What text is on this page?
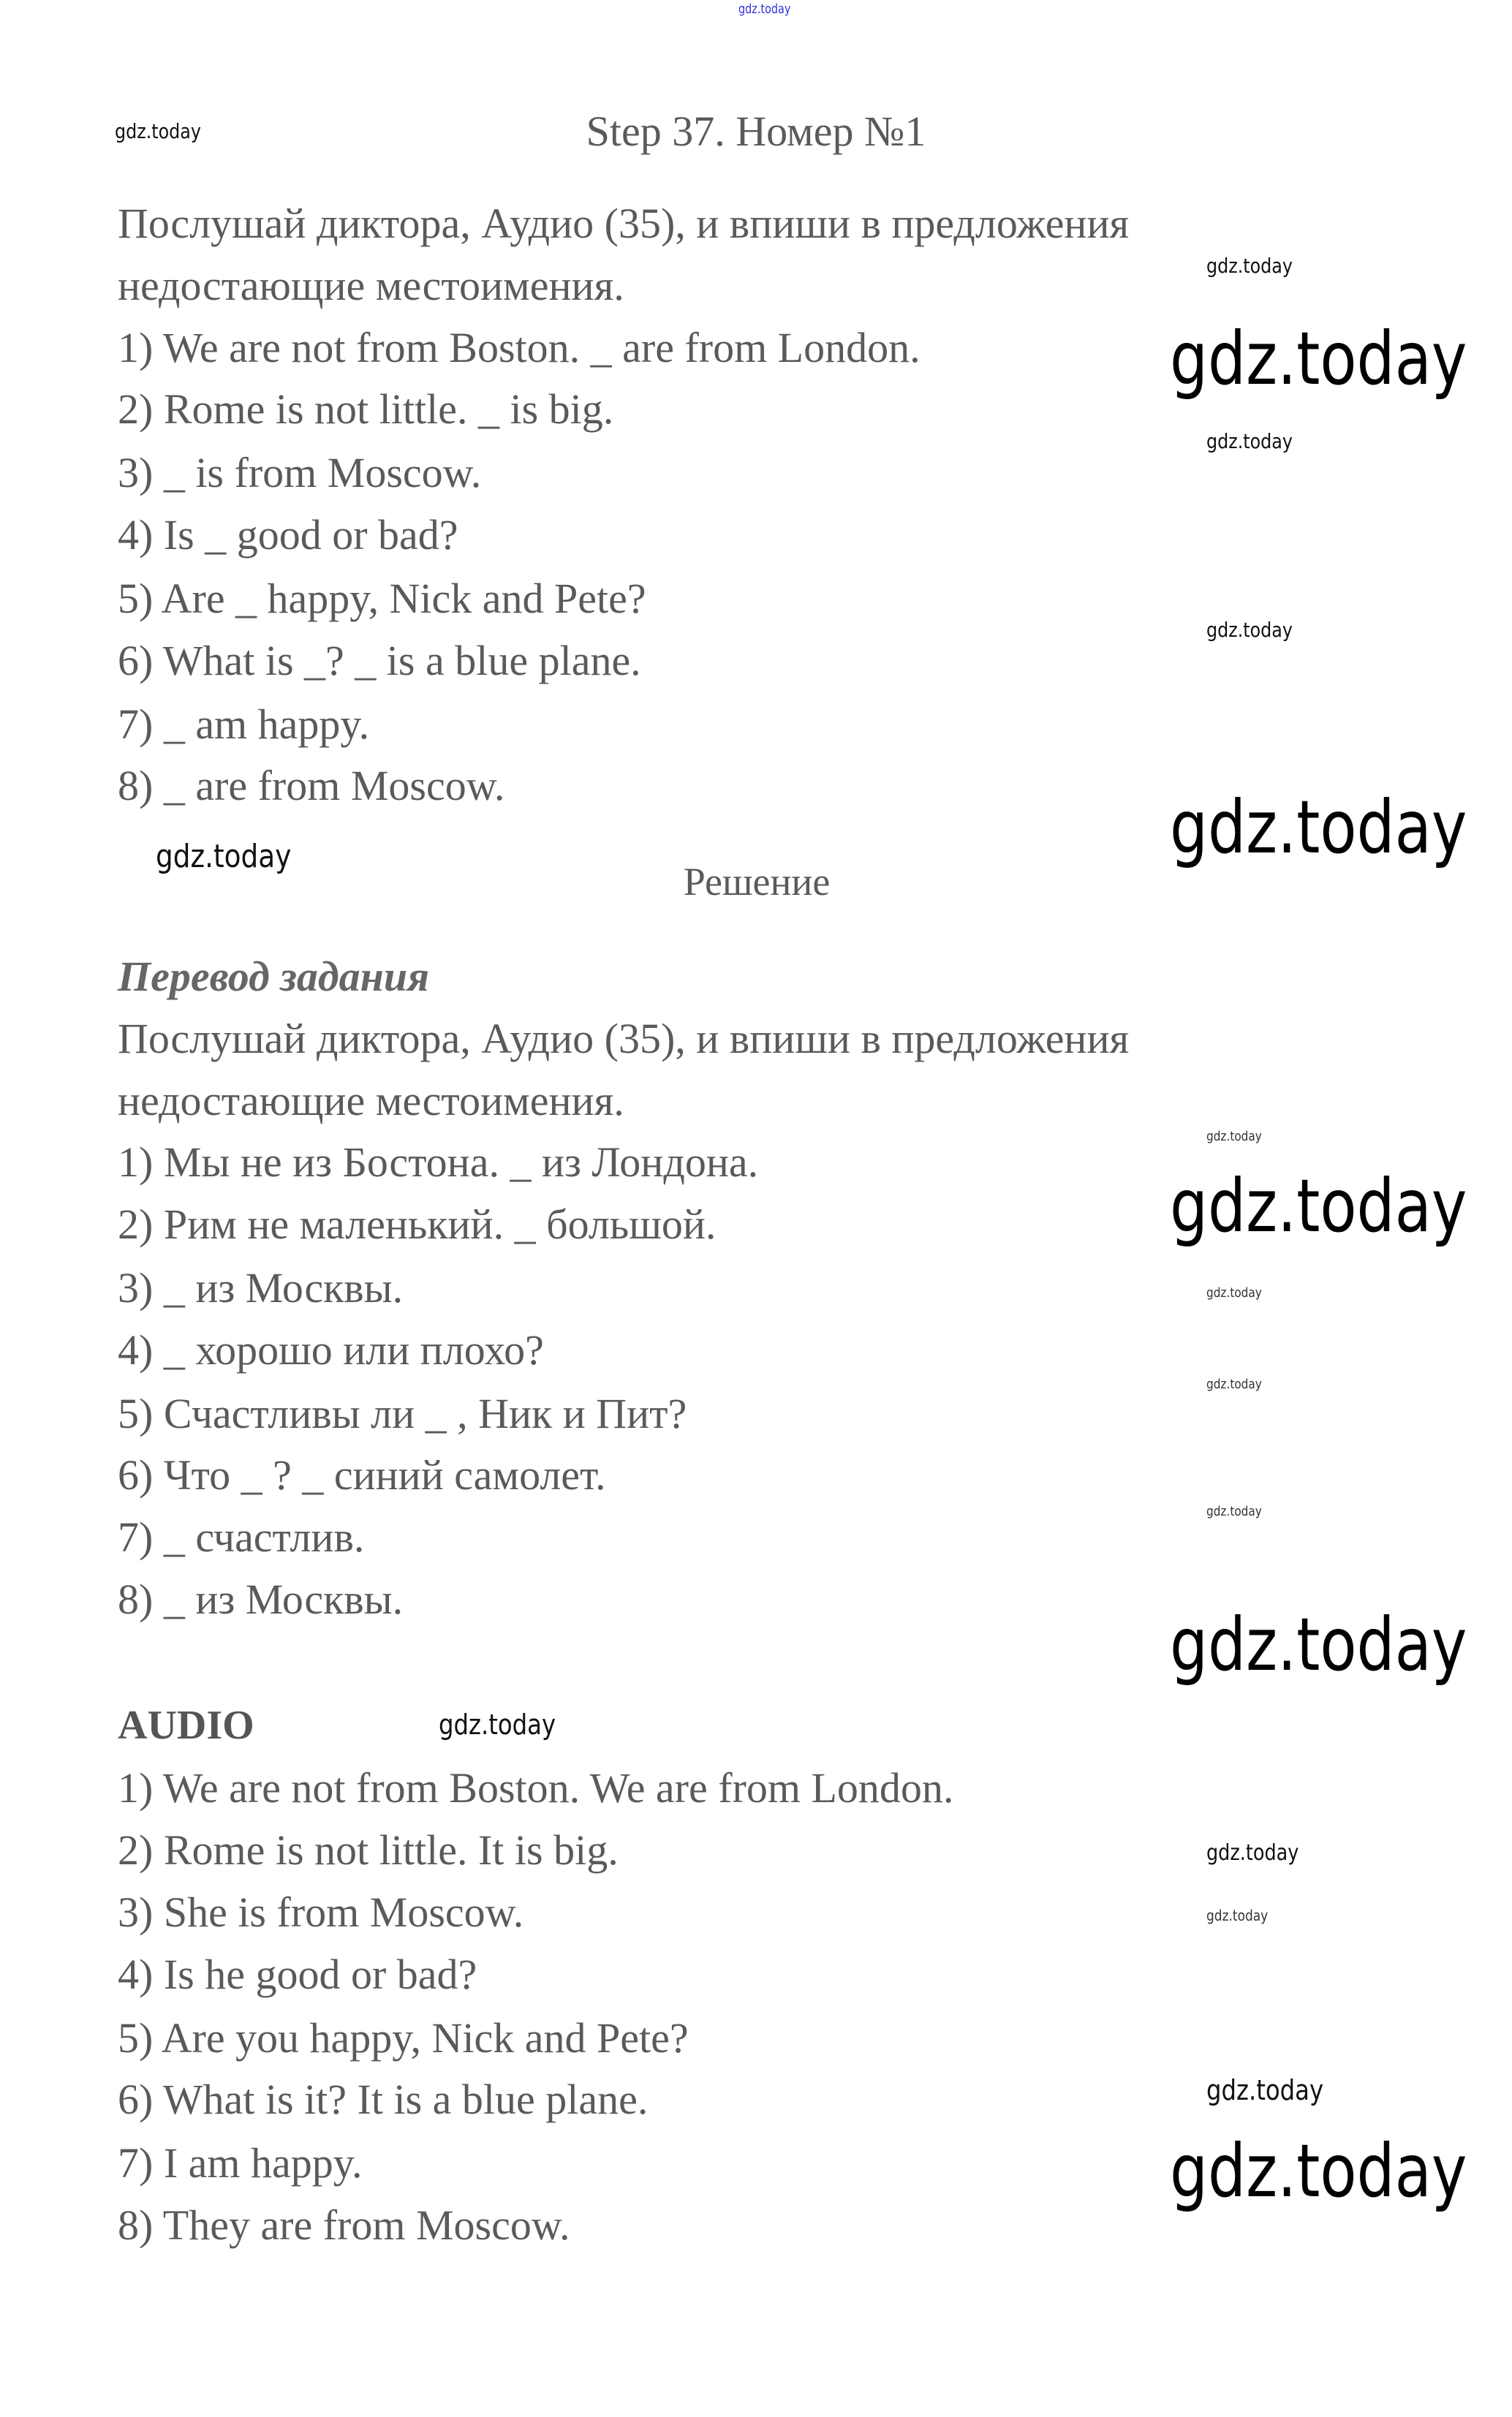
gdz.today
Step 37. Номер №1
Послушай диктора, Аудио (35), и впиши в предложения
недостающие местоимения.
1) We are not from Boston. _ are from London.
2) Rome is not little. _ is big.
3) _ is from Moscow.
4) Is _ good or bad?
5) Are _ happy, Nick and Pete?
6) What is _? _ is a blue plane.
7) _ am happy.
8) _ are from Moscow.
Решение
Перевод задания
Послушай диктора, Аудио (35), и впиши в предложения
недостающие местоимения.
1) Мы не из Бостона. _ из Лондона.
2) Рим не маленький. _ большой.
3) _ из Москвы.
4) _ хорошо или плохо?
5) Счастливы ли _ , Ник и Пит?
6) Что _ ? _ синий самолет.
7) _ счастлив.
8) _ из Москвы.
AUDIO
1) We are not from Boston. We are from London.
2) Rome is not little. It is big.
3) She is from Moscow.
4) Is he good or bad?
5) Are you happy, Nick and Pete?
6) What is it? It is a blue plane.
7) I am happy.
8) They are from Moscow.
gdz.today
gdz.today
gdz.today
gdz.today
gdz.today
gdz.today
gdz.today
gdz.today
gdz.today
gdz.today
gdz.today
gdz.today
gdz.today
gdz.today
gdz.today
gdz.today
gdz.today
gdz.today
